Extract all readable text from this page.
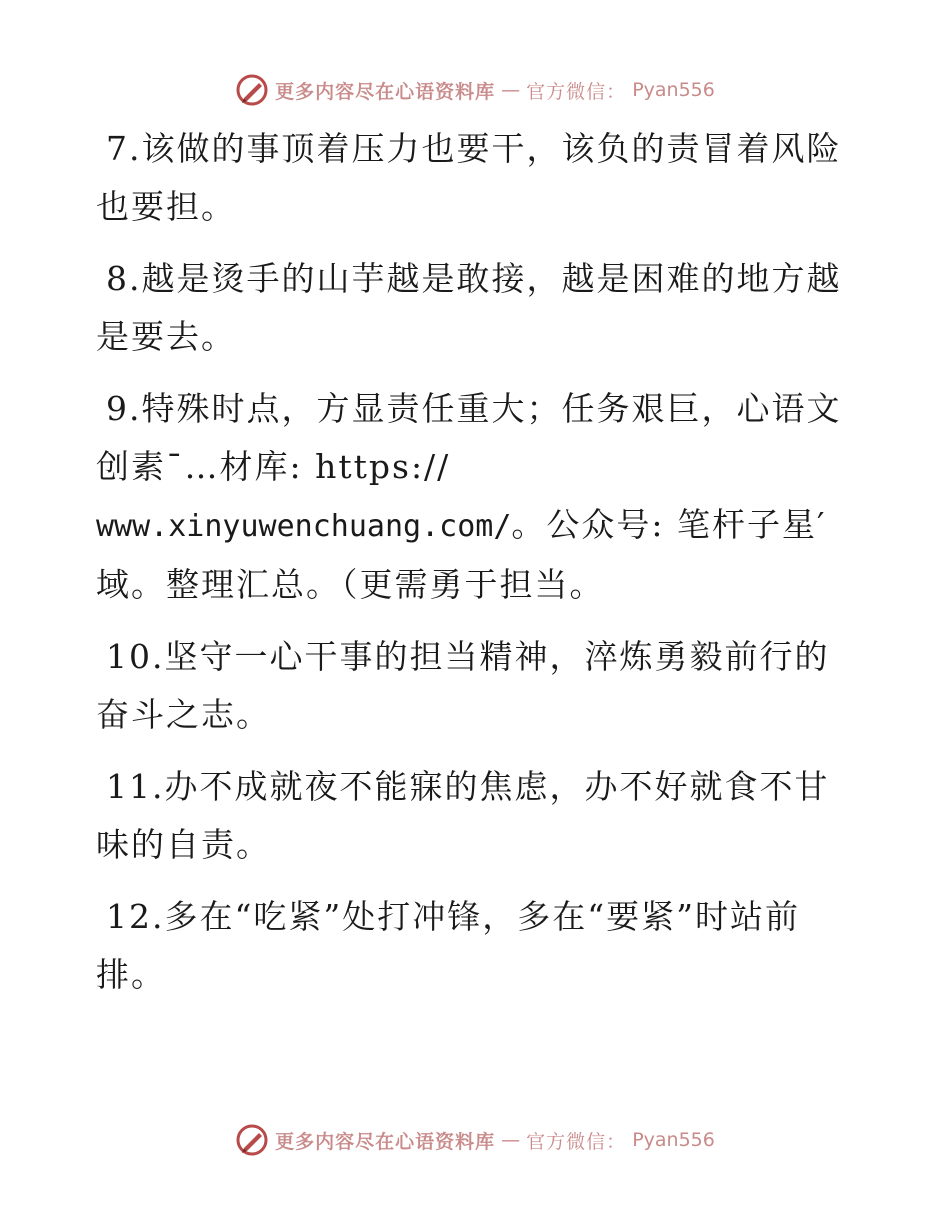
更多内容尽在心语资料库 — 官方微信： Pyan556

7.该做的事顶着压力也要干，该负的责冒着风险也要担。

8.越是烫手的山芋越是敢接，越是困难的地方越是要去。

9.特殊时点，方显责任重大；任务艰巨，心语文创素¯…材库: https://
www.xinyuwenchuang.com/。公众号: 笔杆子星′域。整理汇总。（更需勇于担当。

10.坚守一心干事的担当精神，淬炼勇毅前行的奋斗之志。

11.办不成就夜不能寐的焦虑，办不好就食不甘味的自责。

12.多在“吃紧”处打冲锋，多在“要紧”时站前排。

更多内容尽在心语资料库 — 官方微信： Pyan556
